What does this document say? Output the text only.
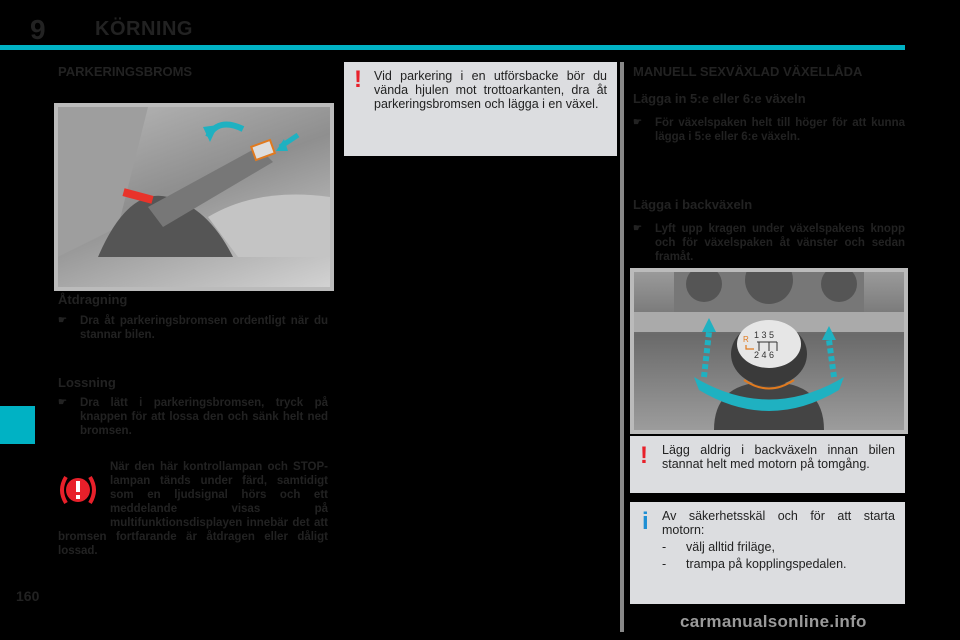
9 KÖRNING
PARKERINGSBROMS
Åtdragning
☛	Dra åt parkeringsbromsen ordentligt när du stannar bilen.
Lossning
☛	Dra lätt i parkeringsbromsen, tryck på knappen för att lossa den och sänk helt ned bromsen.
När den här kontrollampan och STOP-lampan tänds under färd, samtidigt som en ljudsignal hörs och ett meddelande visas på multifunktionsdisplayen innebär det att bromsen fortfarande är åtdragen eller dåligt lossad.
! Vid parkering i en utförsbacke bör du vända hjulen mot trottoarkanten, dra åt parkeringsbromsen och lägga i en växel.
MANUELL SEXVÄXLAD VÄXELLÅDA
Lägga in 5:e eller 6:e växeln
☛	För växelspaken helt till höger för att kunna lägga i 5:e eller 6:e växeln.
Lägga i backväxeln
☛	Lyft upp kragen under växelspakens knopp och för växelspaken åt vänster och sedan framåt.
1 3 5
2 4 6
R
! Lägg aldrig i backväxeln innan bilen stannat helt med motorn på tomgång.
i Av säkerhetsskäl och för att starta motorn:
-	välj alltid friläge,
-	trampa på kopplingspedalen.
160
carmanualsonline.info
